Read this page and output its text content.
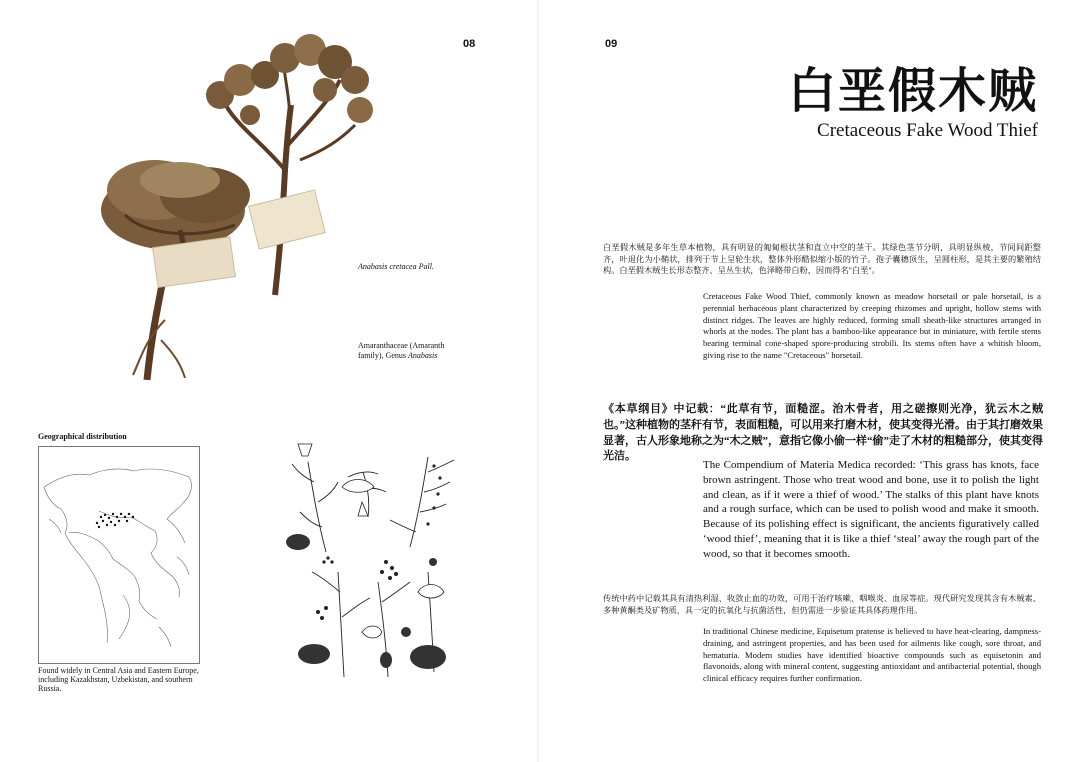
08
Anabasis cretacea Pall.
Amaranthaceae (Amaranth family), Genus Anabasis
Geographical distribution
Found widely in Central Asia and Eastern Europe, including Kazakhstan, Uzbekistan, and southern Russia.
09
白垩假木贼
Cretaceous Fake Wood Thief
白垩假木贼是多年生草本植物，具有明显的匍匐根状茎和直立中空的茎干。其绿色茎节分明，具明显纵棱，节间间距整齐，叶退化为小鞘状，排列于节上呈轮生状，整体外形酷似缩小版的竹子。孢子囊穗顶生，呈圆柱形，是其主要的繁殖结构。白垩假木贼生长形态整齐、呈丛生状，色泽略带白粉，因而得名"白垩"。
Cretaceous Fake Wood Thief, commonly known as meadow horsetail or pale horsetail, is a perennial herbaceous plant characterized by creeping rhizomes and upright, hollow stems with distinct ridges. The leaves are highly reduced, forming small sheath-like structures arranged in whorls at the nodes. The plant has a bamboo-like appearance but in miniature, with fertile stems bearing terminal cone-shaped spore-producing strobili. Its stems often have a whitish bloom, giving rise to the name "Cretaceous" horsetail.
《本草纲目》中记载：“此草有节，面糙涩。治木骨者，用之磋擦则光净，犹云木之贼也。”这种植物的茎秆有节，表面粗糙，可以用来打磨木材，使其变得光滑。由于其打磨效果显著，古人形象地称之为“木之贼”，意指它像小偷一样“偷”走了木材的粗糙部分，使其变得光洁。
The Compendium of Materia Medica recorded: ‘This grass has knots, face brown astringent. Those who treat wood and bone, use it to polish the light and clean, as if it were a thief of wood.’ The stalks of this plant have knots and a rough surface, which can be used to polish wood and make it smooth. Because of its polishing effect is significant, the ancients figuratively called ‘wood thief’, meaning that it is like a thief ‘steal’ away the rough part of the wood, so that it becomes smooth.
传统中药中记载其具有清热利湿、收敛止血的功效，可用于治疗咳嗽、咽喉炎、血尿等症。现代研究发现其含有木贼素、多种黄酮类及矿物质，具一定的抗氧化与抗菌活性，但仍需进一步验证其具体药理作用。
In traditional Chinese medicine, Equisetum pratense is believed to have heat-clearing, dampness-draining, and astringent properties, and has been used for ailments like cough, sore throat, and hematuria. Modern studies have identified bioactive compounds such as equisetonin and flavonoids, along with mineral content, suggesting antioxidant and antibacterial potential, though clinical efficacy requires further confirmation.
